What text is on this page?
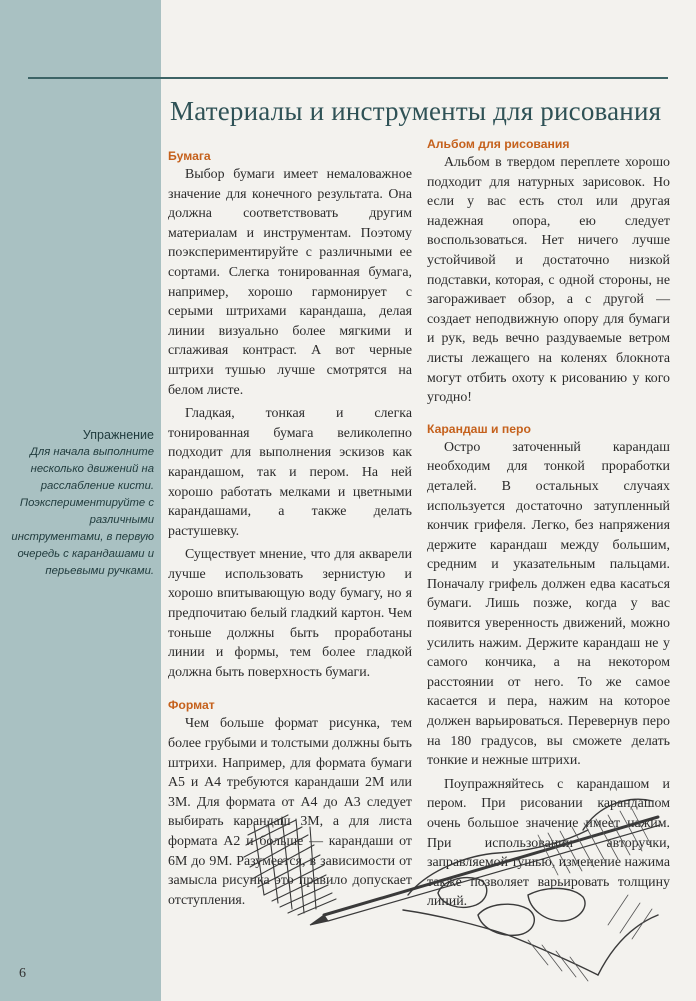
Материалы и инструменты для рисования
Упражнение

Для начала выполните несколько движений на расслабление кисти. Поэкспериментируйте с различными инструментами, в первую очередь с карандашами и перьевыми ручками.

Бумага

Выбор бумаги имеет немаловажное значение для конечного результата. Она должна соответствовать другим материалам и инструментам. Поэтому поэкспериментируйте с различными ее сортами. Слегка тонированная бумага, например, хорошо гармонирует с серыми штрихами карандаша, делая линии визуально более мягкими и сглаживая контраст. А вот черные штрихи тушью лучше смотрятся на белом листе.

Гладкая, тонкая и слегка тонированная бумага великолепно подходит для выполнения эскизов как карандашом, так и пером. На ней хорошо работать мелками и цветными карандашами, а также делать растушевку.

Существует мнение, что для акварели лучше использовать зернистую и хорошо впитывающую воду бумагу, но я предпочитаю белый гладкий картон. Чем тоньше должны быть проработаны линии и формы, тем более гладкой должна быть поверхность бумаги.

Формат

Чем больше формат рисунка, тем более грубыми и толстыми должны быть штрихи. Например, для формата бумаги А5 и А4 требуются карандаши 2М или 3М. Для формата от А4 до А3 следует выбирать карандаш 3М, а для листа формата А2 и больше — карандаши от 6М до 9М. Разумеется, в зависимости от замысла рисунка это правило допускает отступления.

Альбом для рисования

Альбом в твердом переплете хорошо подходит для натурных зарисовок. Но если у вас есть стол или другая надежная опора, ею следует воспользоваться. Нет ничего лучше устойчивой и достаточно низкой подставки, которая, с одной стороны, не загораживает обзор, а с другой — создает неподвижную опору для бумаги и рук, ведь вечно раздуваемые ветром листы лежащего на коленях блокнота могут отбить охоту к рисованию у кого угодно!

Карандаш и перо

Остро заточенный карандаш необходим для тонкой проработки деталей. В остальных случаях используется достаточно затупленный кончик грифеля. Легко, без напряжения держите карандаш между большим, средним и указательным пальцами. Поначалу грифель должен едва касаться бумаги. Лишь позже, когда у вас появится уверенность движений, можно усилить нажим. Держите карандаш не у самого кончика, а на некотором расстоянии от него. То же самое касается и пера, нажим на которое должен варьироваться. Перевернув перо на 180 градусов, вы сможете делать тонкие и нежные штрихи.

Поупражняйтесь с карандашом и пером. При рисовании карандашом очень большое значение имеет нажим. При использовании авторучки, заправляемой тушью, изменение нажима также позволяет варьировать толщину линий.

6
